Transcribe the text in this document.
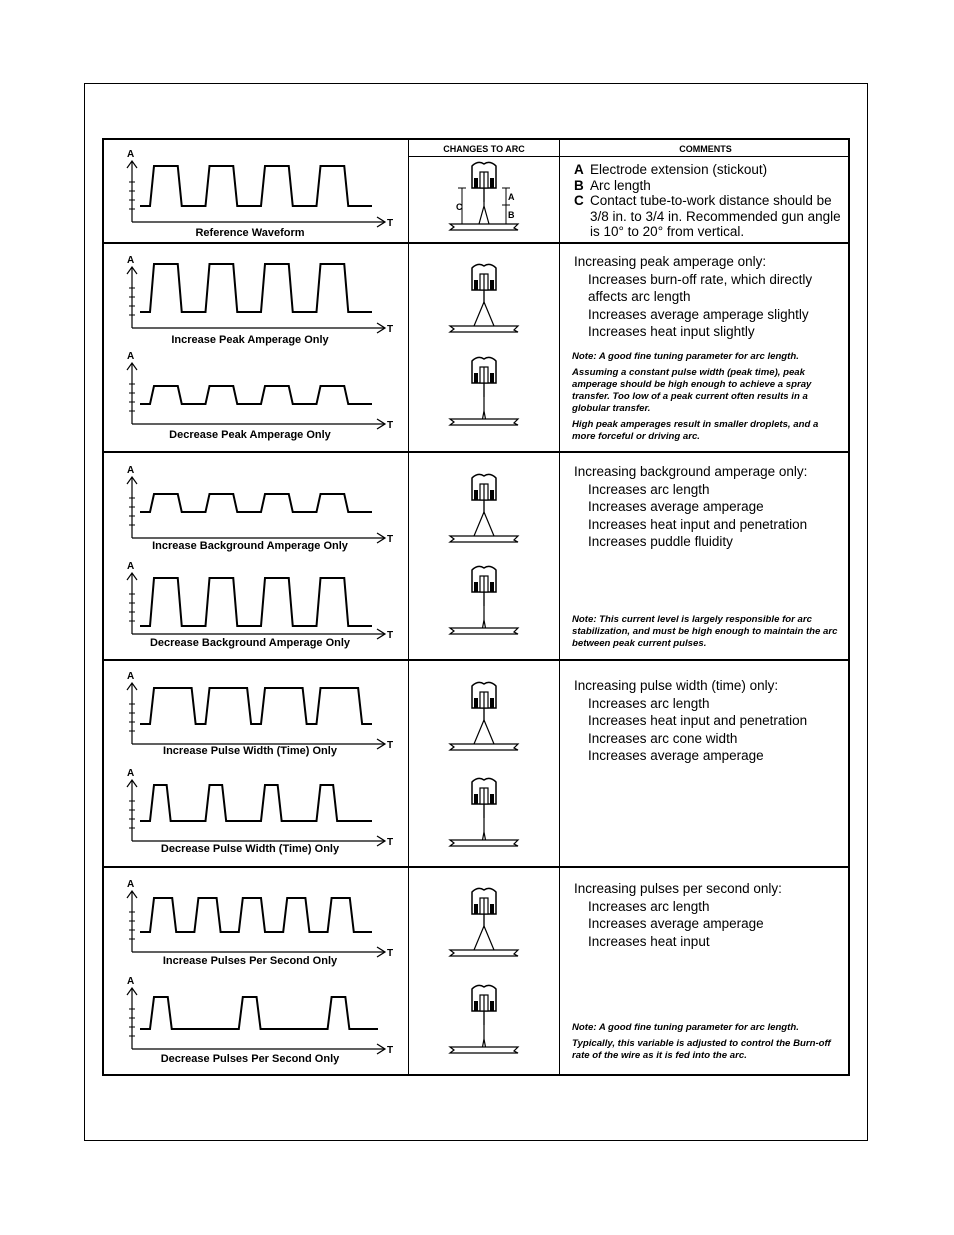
CHANGES TO ARC	COMMENTS
A
T
Reference Waveform
C
A
B
A Electrode extension (stickout)
B Arc length
C Contact tube-to-work distance should be 3/8 in. to 3/4 in. Recommended gun angle is 10° to 20° from vertical.
A
T
Increase Peak Amperage Only
A
T
Decrease Peak Amperage Only
Increasing peak amperage only:
Increases burn-off rate, which directly affects arc length
Increases average amperage slightly
Increases heat input slightly

Note: A good fine tuning parameter for arc length.

Assuming a constant pulse width (peak time), peak amperage should be high enough to achieve a spray transfer. Too low of a peak current often results in a globular transfer.

High peak amperages result in smaller droplets, and a more forceful or driving arc.

A
T
Increase Background Amperage Only
A
T
Decrease Background Amperage Only
Increasing background amperage only:
Increases arc length
Increases average amperage
Increases heat input and penetration
Increases puddle fluidity

Note: This current level is largely responsible for arc stabilization, and must be high enough to maintain the arc between peak current pulses.

A
T
Increase Pulse Width (Time) Only
A
T
Decrease Pulse Width (Time) Only
Increasing pulse width (time) only:
Increases arc length
Increases heat input and penetration
Increases arc cone width
Increases average amperage
A
T
Increase Pulses Per Second Only
A
T
Decrease Pulses Per Second Only
Increasing pulses per second only:
Increases arc length
Increases average amperage
Increases heat input

Note: A good fine tuning parameter for arc length.

Typically, this variable is adjusted to control the Burn-off rate of the wire as it is fed into the arc.
